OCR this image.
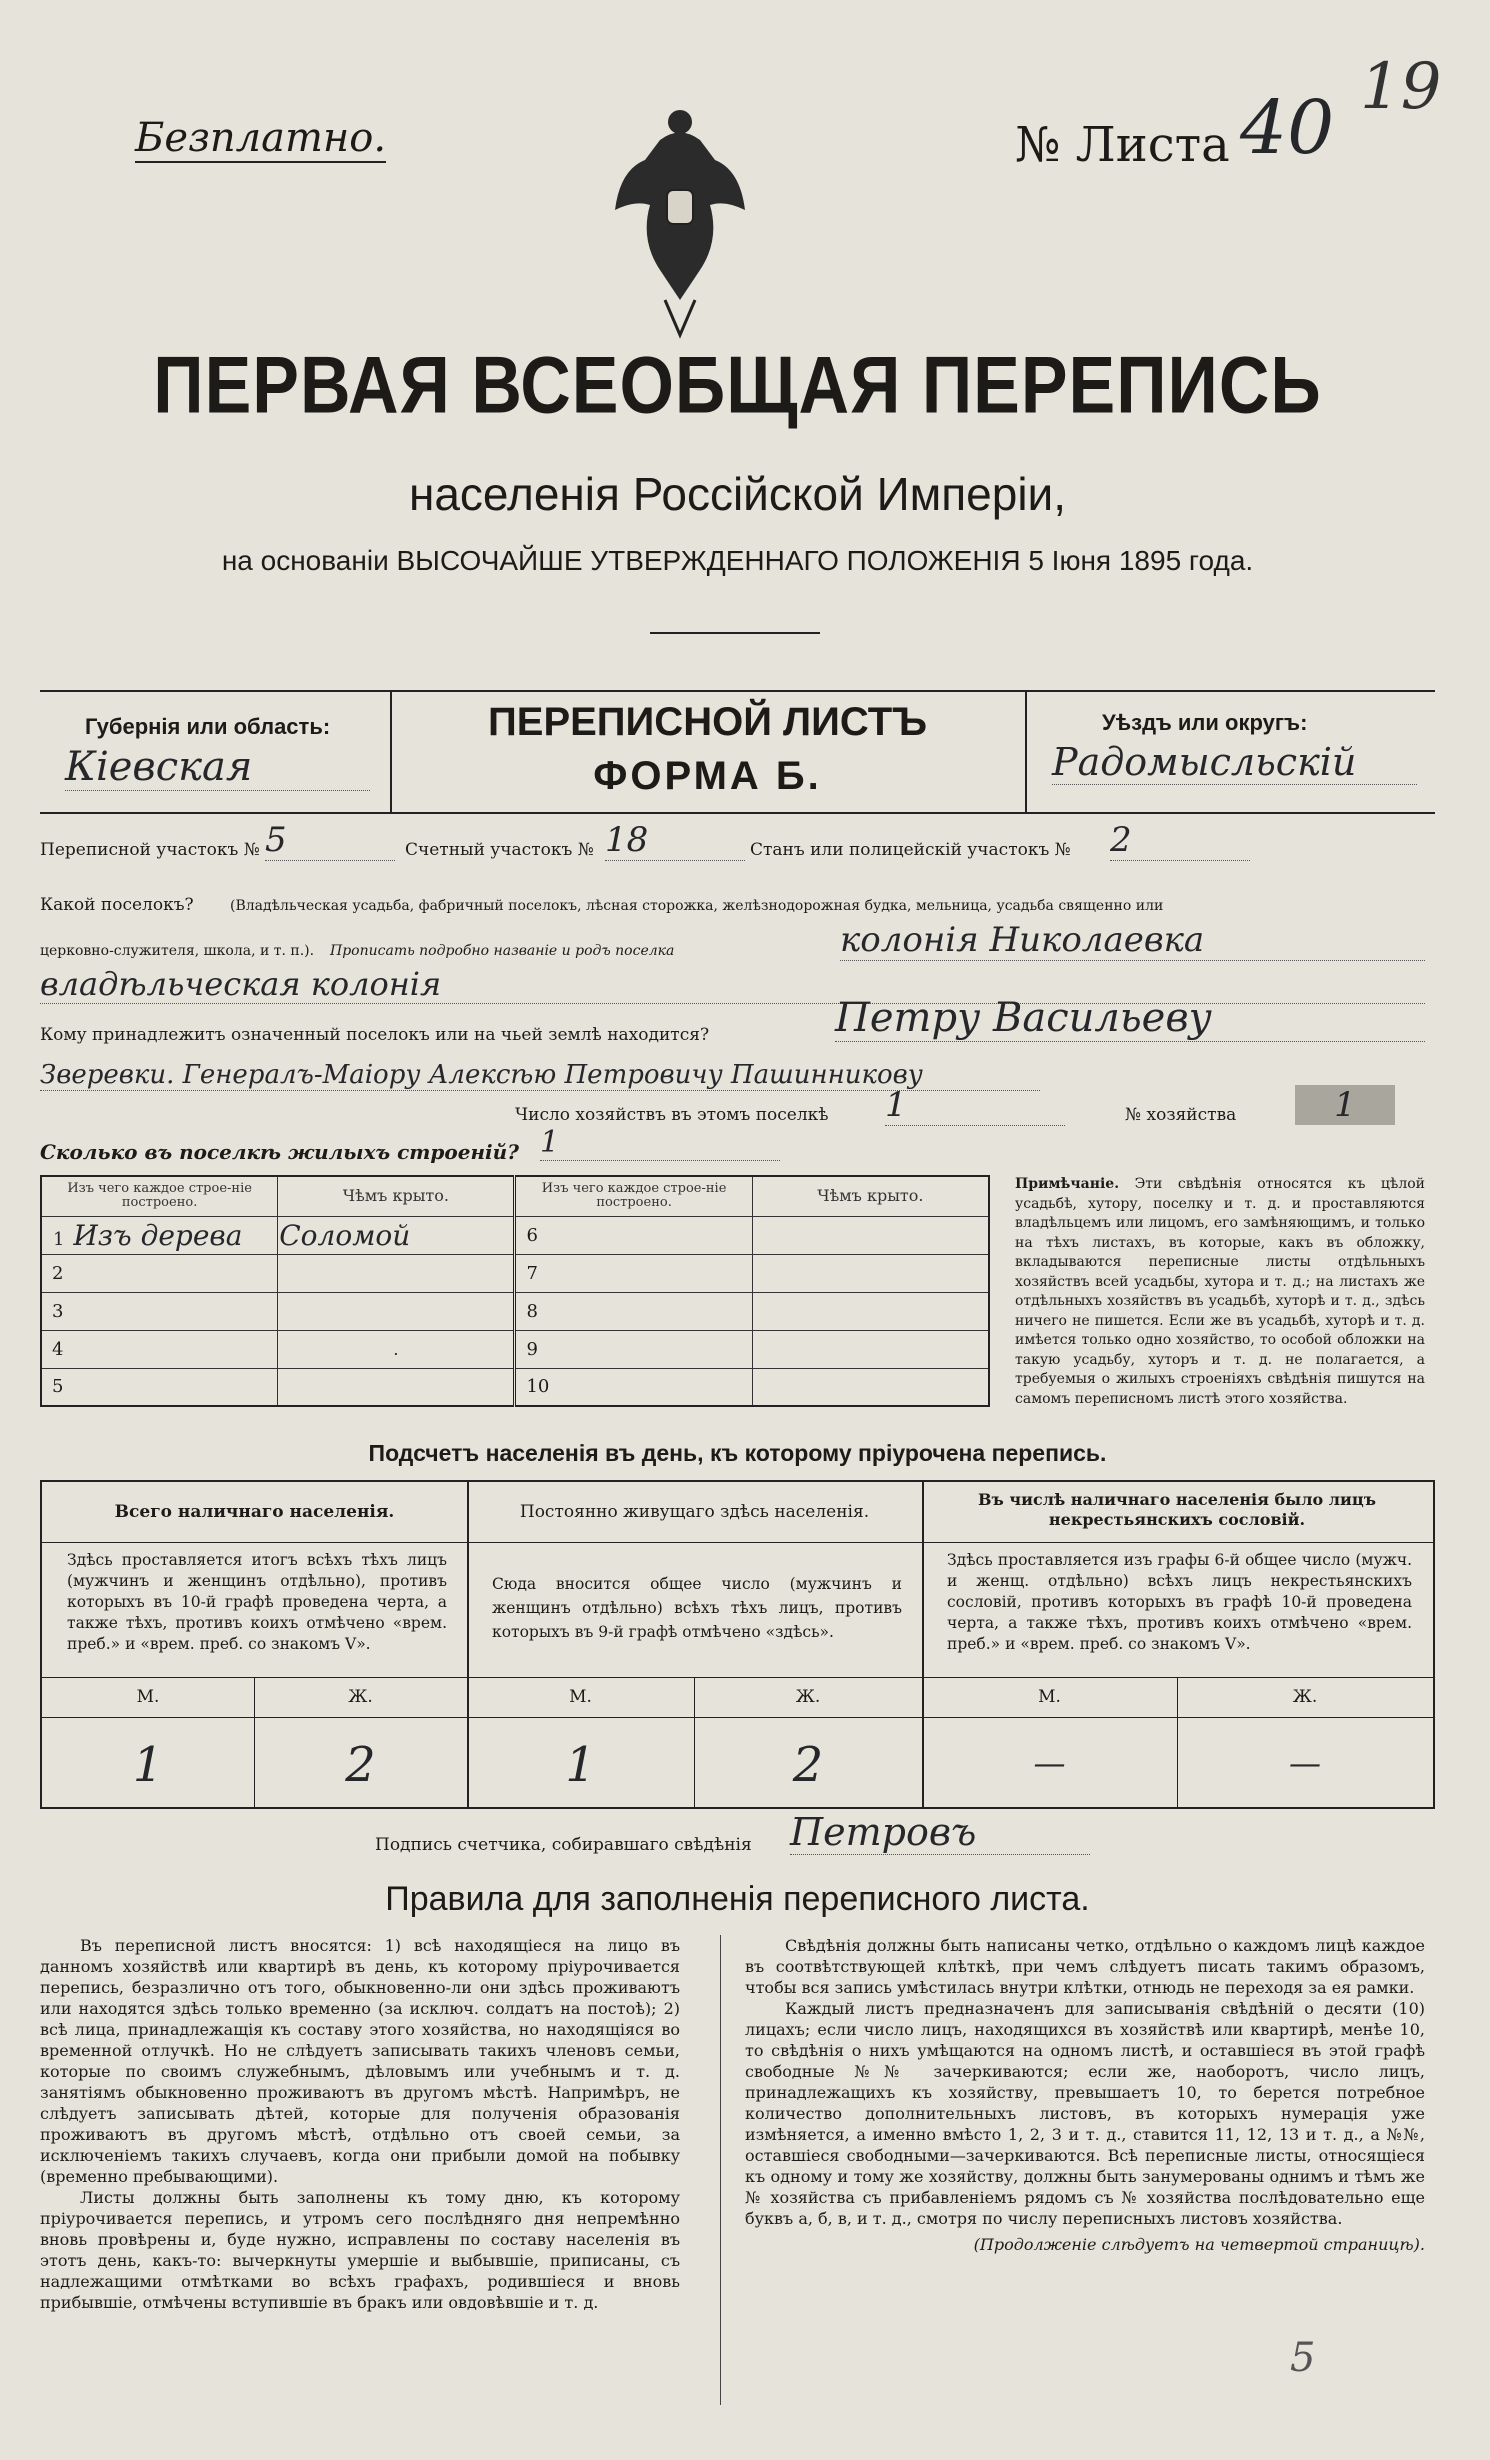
19
5
Безплатно.	№ Листа 40
ПЕРВАЯ ВСЕОБЩАЯ ПЕРЕПИСЬ
населенія Россійской Имперіи,
на основаніи ВЫСОЧАЙШЕ УТВЕРЖДЕННАГО ПОЛОЖЕНІЯ 5 Іюня 1895 года.
Губернія или область:
Кіевская
ПЕРЕПИСНОЙ ЛИСТЪ
ФОРМА Б.
Уѣздъ или округъ:
Радомысльскій
Переписной участокъ № 5	Счетный участокъ № 18	Станъ или полицейскій участокъ № 2
Какой поселокъ?	(Владѣльческая усадьба, фабричный поселокъ, лѣсная сторожка, желѣзнодорожная будка, мельница, усадьба священно или
церковно-служителя, школа, и т. п.). Прописать подробно названіе и родъ поселка	колонія Николаевка
владѣльческая колонія
Кому принадлежитъ означенный поселокъ или на чьей землѣ находится?	Петру Васильеву
Зверевки. Генералъ-Маіору Алексѣю Петровичу Пашинникову
Число хозяйствъ въ этомъ поселкѣ 1	№ хозяйства	1
Сколько въ поселкѣ жилыхъ строеній? 1
Изъ чего каждое строе-ніе построено.	Чѣмъ крыто.	Изъ чего каждое строе-ніе построено.	Чѣмъ крыто.
1 Изъ дерева	Соломой	6	
2		7	
3		8	
4	.	9	
5		10	
Примѣчаніе. Эти свѣдѣнія относятся къ цѣлой усадьбѣ, хутору, поселку и т. д. и проставляются владѣльцемъ или лицомъ, его замѣняющимъ, и только на тѣхъ листахъ, въ которые, какъ въ обложку, вкладываются переписные листы отдѣльныхъ хозяйствъ всей усадьбы, хутора и т. д.; на листахъ же отдѣльныхъ хозяйствъ въ усадьбѣ, хуторѣ и т. д., здѣсь ничего не пишется. Если же въ усадьбѣ, хуторѣ и т. д. имѣется только одно хозяйство, то особой обложки на такую усадьбу, хуторъ и т. д. не полагается, а требуемыя о жилыхъ строеніяхъ свѣдѣнія пишутся на самомъ переписномъ листѣ этого хозяйства.
Подсчетъ населенія въ день, къ которому пріурочена перепись.
Всего наличнаго населенія.
Здѣсь проставляется итогъ всѣхъ тѣхъ лицъ (мужчинъ и женщинъ отдѣльно), противъ которыхъ въ 10-й графѣ проведена черта, а также тѣхъ, противъ коихъ отмѣчено «врем. преб.» и «врем. преб. со знакомъ V».
Постоянно живущаго здѣсь населенія.
Сюда вносится общее число (мужчинъ и женщинъ отдѣльно) всѣхъ тѣхъ лицъ, противъ которыхъ въ 9-й графѣ отмѣчено «здѣсь».
Въ числѣ наличнаго населенія было лицъ некрестьянскихъ сословій.
Здѣсь проставляется изъ графы 6-й общее число (мужч. и женщ. отдѣльно) всѣхъ лицъ некрестьянскихъ сословій, противъ которыхъ въ графѣ 10-й проведена черта, а также тѣхъ, противъ коихъ отмѣчено «врем. преб.» и «врем. преб. со знакомъ V».
М.	Ж.	М.	Ж.	М.	Ж.
1	2	1	2	—	—
Подпись счетчика, собиравшаго свѣдѣнія Петровъ
Правила для заполненія переписного листа.

Въ переписной листъ вносятся: 1) всѣ находящіеся на лицо въ данномъ хозяйствѣ или квартирѣ въ день, къ которому пріурочивается перепись, безразлично отъ того, обыкновенно-ли они здѣсь проживаютъ или находятся здѣсь только временно (за исключ. солдатъ на постоѣ); 2) всѣ лица, принадлежащія къ составу этого хозяйства, но находящіяся во временной отлучкѣ. Но не слѣдуетъ записывать такихъ членовъ семьи, которые по своимъ служебнымъ, дѣловымъ или учебнымъ и т. д. занятіямъ обыкновенно проживаютъ въ другомъ мѣстѣ. Напримѣръ, не слѣдуетъ записывать дѣтей, которые для полученія образованія проживаютъ въ другомъ мѣстѣ, отдѣльно отъ своей семьи, за исключеніемъ такихъ случаевъ, когда они прибыли домой на побывку (временно пребывающими).

Листы должны быть заполнены къ тому дню, къ которому пріурочивается перепись, и утромъ сего послѣдняго дня непремѣнно вновь провѣрены и, буде нужно, исправлены по составу населенія въ этотъ день, какъ-то: вычеркнуты умершіе и выбывшіе, приписаны, съ надлежащими отмѣтками во всѣхъ графахъ, родившіеся и вновь прибывшіе, отмѣчены вступившіе въ бракъ или овдовѣвшіе и т. д.

Свѣдѣнія должны быть написаны четко, отдѣльно о каждомъ лицѣ каждое въ соотвѣтствующей клѣткѣ, при чемъ слѣдуетъ писать такимъ образомъ, чтобы вся запись умѣстилась внутри клѣтки, отнюдь не переходя за ея рамки.

Каждый листъ предназначенъ для записыванія свѣдѣній о десяти (10) лицахъ; если число лицъ, находящихся въ хозяйствѣ или квартирѣ, менѣе 10, то свѣдѣнія о нихъ умѣщаются на одномъ листѣ, и оставшіеся въ этой графѣ свободные №№ зачеркиваются; если же, наоборотъ, число лицъ, принадлежащихъ къ хозяйству, превышаетъ 10, то берется потребное количество дополнительныхъ листовъ, въ которыхъ нумерація уже измѣняется, а именно вмѣсто 1, 2, 3 и т. д., ставится 11, 12, 13 и т. д., а №№, оставшіеся свободными—зачеркиваются. Всѣ переписные листы, относящіеся къ одному и тому же хозяйству, должны быть занумерованы однимъ и тѣмъ же № хозяйства съ прибавленіемъ рядомъ съ № хозяйства послѣдовательно еще буквъ а, б, в, и т. д., смотря по числу переписныхъ листовъ хозяйства.

(Продолженіе слѣдуетъ на четвертой страницѣ).
